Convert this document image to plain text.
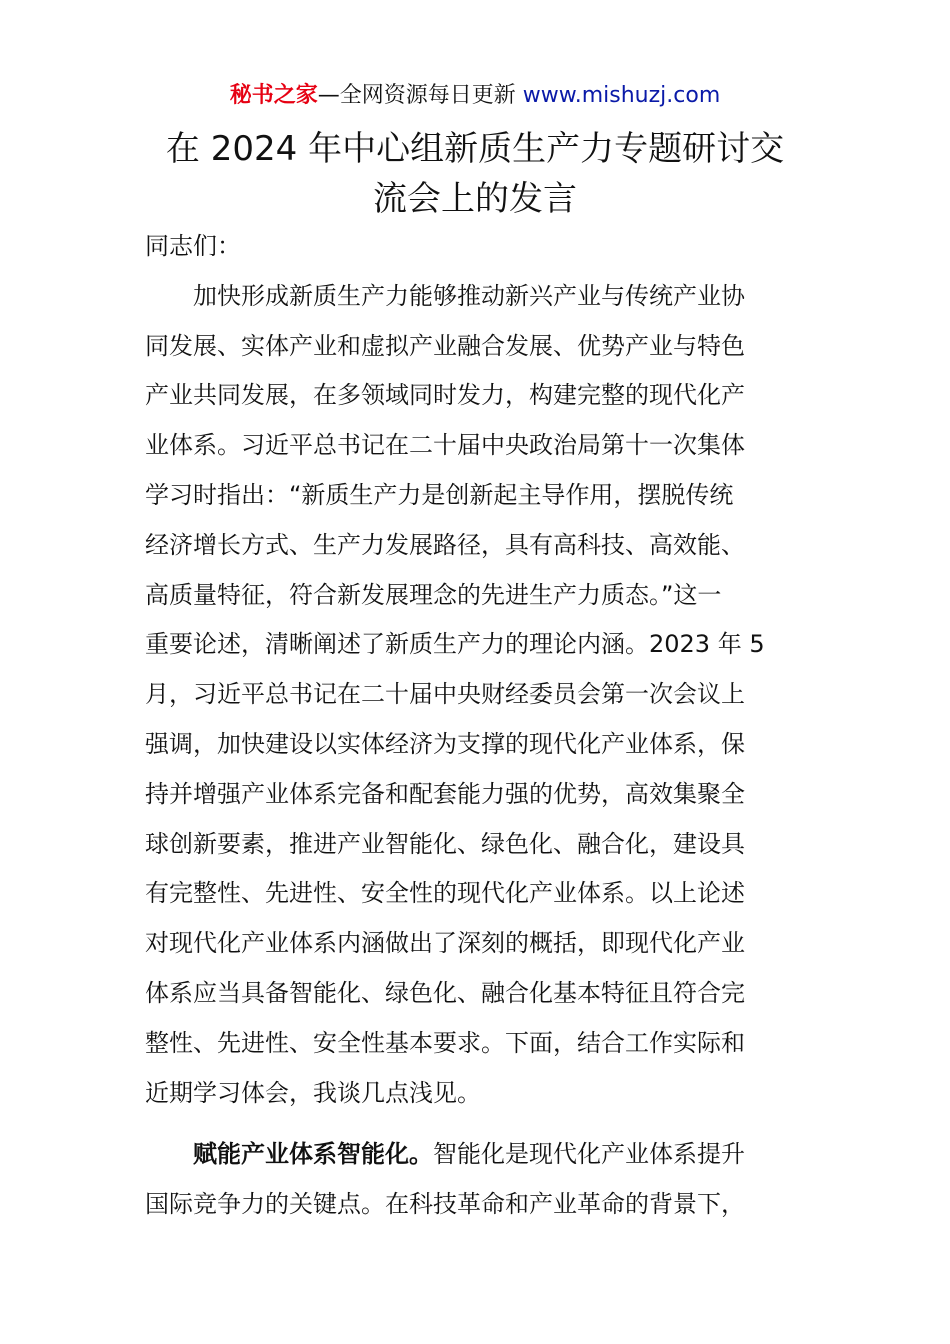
秘书之家—全网资源每日更新 www.mishuzj.com
在 2024 年中心组新质生产力专题研讨交
流会上的发言
同志们：
加快形成新质生产力能够推动新兴产业与传统产业协
同发展、实体产业和虚拟产业融合发展、优势产业与特色
产业共同发展，在多领域同时发力，构建完整的现代化产
业体系。习近平总书记在二十届中央政治局第十一次集体
学习时指出：“新质生产力是创新起主导作用，摆脱传统
经济增长方式、生产力发展路径，具有高科技、高效能、
高质量特征，符合新发展理念的先进生产力质态。”这一
重要论述，清晰阐述了新质生产力的理论内涵。2023 年 5
月，习近平总书记在二十届中央财经委员会第一次会议上
强调，加快建设以实体经济为支撑的现代化产业体系，保
持并增强产业体系完备和配套能力强的优势，高效集聚全
球创新要素，推进产业智能化、绿色化、融合化，建设具
有完整性、先进性、安全性的现代化产业体系。以上论述
对现代化产业体系内涵做出了深刻的概括，即现代化产业
体系应当具备智能化、绿色化、融合化基本特征且符合完
整性、先进性、安全性基本要求。下面，结合工作实际和
近期学习体会，我谈几点浅见。
赋能产业体系智能化。智能化是现代化产业体系提升
国际竞争力的关键点。在科技革命和产业革命的背景下，
